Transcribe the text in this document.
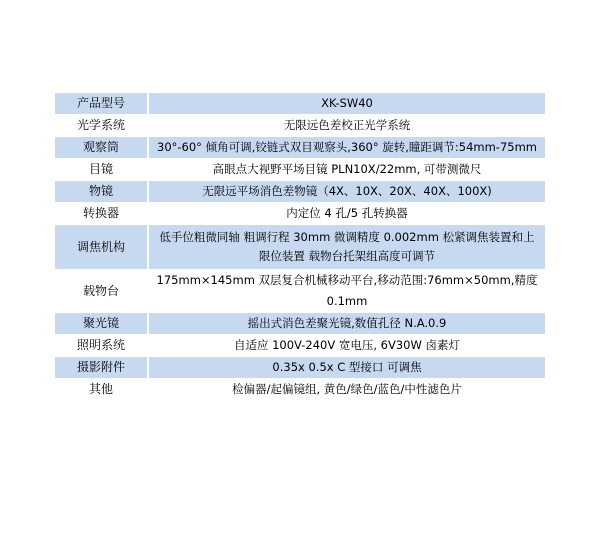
产品型号	XK-SW40
光学系统	无限远色差校正光学系统
观察筒	30°-60° 倾角可调,铰链式双目观察头,360° 旋转,瞳距调节:54mm-75mm
目镜	高眼点大视野平场目镜 PLN10X/22mm, 可带测微尺
物镜	无限远平场消色差物镜（4X、10X、20X、40X、100X)
转换器	内定位 4 孔/5 孔转换器
调焦机构	低手位粗微同轴 粗调行程 30mm 微调精度 0.002mm 松紧调焦装置和上限位装置 载物台托架组高度可调节
载物台	175mm×145mm 双层复合机械移动平台,移动范围:76mm×50mm,精度 0.1mm
聚光镜	摇出式消色差聚光镜,数值孔径 N.A.0.9
照明系统	自适应 100V-240V 宽电压, 6V30W 卤素灯
摄影附件	0.35x 0.5x C 型接口 可调焦
其他	检偏器/起偏镜组, 黄色/绿色/蓝色/中性滤色片
